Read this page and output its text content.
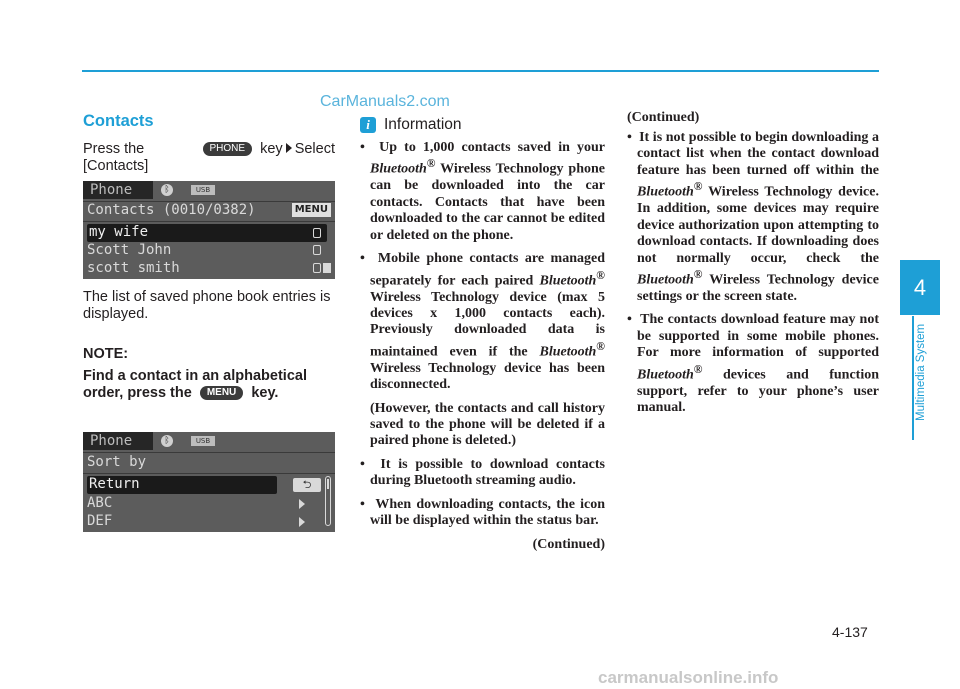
CarManuals2.com
4
Multimedia System
Contacts
Press the	PHONE key Select
[Contacts]
Phone	ᛒ	USB
Contacts (0010/0382)	MENU
my wife
Scott John
scott smith
The list of saved phone book entries is displayed.
NOTE:
Find a contact in an alphabetical order, press the MENU key.
Phone	ᛒ	USB
Sort by
Return	⮌
ABC
DEF
i Information
•  Up to 1,000 contacts saved in your Bluetooth® Wireless Technology phone can be downloaded into the car contacts. Contacts that have been downloaded to the car cannot be edited or deleted on the phone.
•  Mobile phone contacts are managed separately for each paired Bluetooth® Wireless Technology device (max 5 devices x 1,000 contacts each). Previously downloaded data is maintained even if the Bluetooth® Wireless Technology device has been disconnected.
(However, the contacts and call history saved to the phone will be deleted if a paired phone is deleted.)
•  It is possible to download contacts during Bluetooth streaming audio.
•  When downloading contacts, the icon will be displayed within the status bar.
(Continued)
(Continued)
•  It is not possible to begin downloading a contact list when the contact download feature has been turned off within the Bluetooth® Wireless Technology device. In addition, some devices may require device authorization upon attempting to download contacts. If downloading does not normally occur, check the Bluetooth® Wireless Technology device settings or the screen state.
•  The contacts download feature may not be supported in some mobile phones. For more information of supported Bluetooth® devices and function support, refer to your phone’s user manual.
4-137
carmanualsonline.info
